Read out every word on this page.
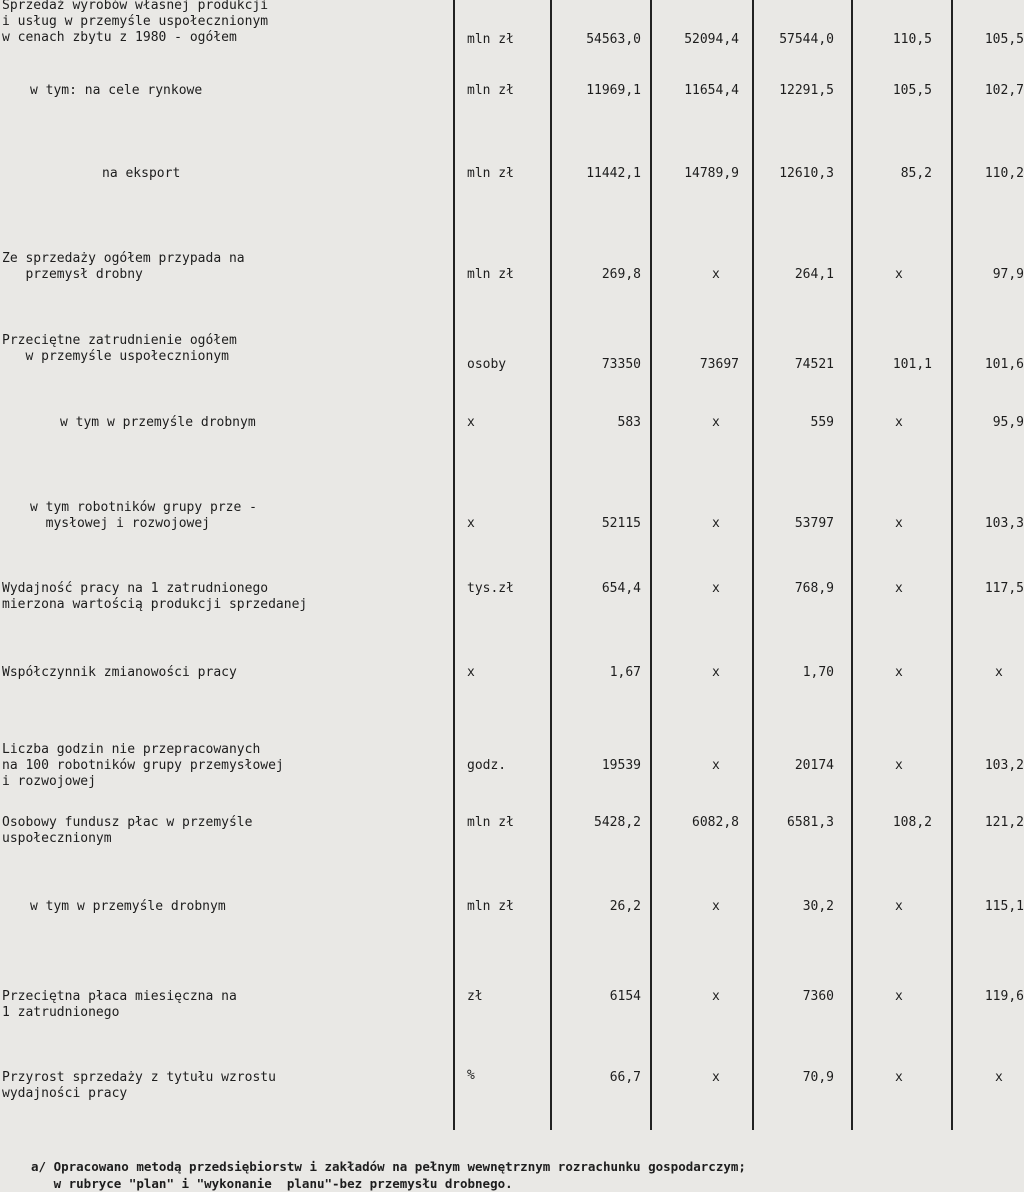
Sprzedaż wyrobów własnej produkcji
i usług w przemyśle uspołecznionym
w cenach zbytu z 1980 - ogółem	mln zł	54563,0	52094,4	57544,0	110,5	105,5
w tym: na cele rynkowe	mln zł	11969,1	11654,4	12291,5	105,5	102,7
na eksport	mln zł	11442,1	14789,9	12610,3	85,2	110,2
Ze sprzedaży ogółem przypada na
przemysł drobny	mln zł	269,8	x	264,1	x	97,9
Przeciętne zatrudnienie ogółem
w przemyśle uspołecznionym
osoby	73350	73697	74521	101,1	101,6
w tym w przemyśle drobnym	x	583	x	559	x	95,9
w tym robotników grupy prze -
mysłowej i rozwojowej	x	52115	x	53797	x	103,3
Wydajność pracy na 1 zatrudnionego
mierzona wartością produkcji sprzedanej
tys.zł	654,4	x	768,9	x	117,5
Współczynnik zmianowości pracy	x	1,67	x	1,70	x	x
Liczba godzin nie przepracowanych
na 100 robotników grupy przemysłowej
i rozwojowej
godz.	19539	x	20174	x	103,2
Osobowy fundusz płac w przemyśle
uspołecznionym
mln zł	5428,2	6082,8	6581,3	108,2	121,2
w tym w przemyśle drobnym	mln zł	26,2	x	30,2	x	115,1
Przeciętna płaca miesięczna na
1 zatrudnionego
zł	6154	x	7360	x	119,6
Przyrost sprzedaży z tytułu wzrostu
wydajności pracy
%	66,7	x	70,9	x	x
a/ Opracowano metodą przedsiębiorstw i zakładów na pełnym wewnętrznym rozrachunku gospodarczym;
w rubryce "plan" i "wykonanie  planu"-bez przemysłu drobnego.
